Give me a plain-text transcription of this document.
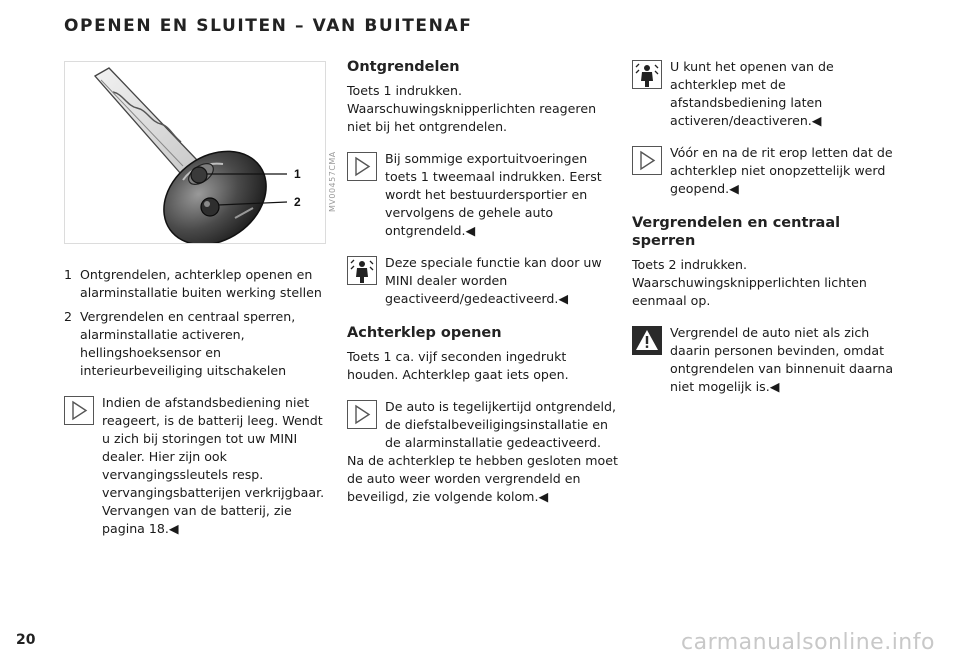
OPENEN EN SLUITEN – VAN BUITENAF
1
2	MV00457CMA
1 Ontgrendelen, achterklep openen en alarminstallatie buiten werking stellen
2 Vergrendelen en centraal sperren, alarminstallatie activeren, hellingshoeksensor en interieurbeveiliging uitschakelen
Indien de afstandsbediening niet reageert, is de batterij leeg. Wendt u zich bij storingen tot uw MINI dealer. Hier zijn ook vervangingssleutels resp. vervangingsbatterijen verkrijgbaar. Vervangen van de batterij, zie pagina 18.◀
Ontgrendelen

Toets 1 indrukken. Waarschuwingsknipperlichten reageren niet bij het ontgrendelen.

Bij sommige exportuitvoeringen toets 1 tweemaal indrukken. Eerst wordt het bestuurdersportier en vervolgens de gehele auto ontgrendeld.◀
Deze speciale functie kan door uw MINI dealer worden geactiveerd/gedeactiveerd.◀
Achterklep openen

Toets 1 ca. vijf seconden ingedrukt houden. Achterklep gaat iets open.

De auto is tegelijkertijd ontgrendeld, de diefstalbeveiligingsinstallatie en de alarminstallatie gedeactiveerd.
Na de achterklep te hebben gesloten moet de auto weer worden vergrendeld en beveiligd, zie volgende kolom.◀
U kunt het openen van de achterklep met de afstandsbediening laten activeren/deactiveren.◀
Vóór en na de rit erop letten dat de achterklep niet onopzettelijk werd geopend.◀
Vergrendelen en centraal sperren

Toets 2 indrukken. Waarschuwingsknipperlichten lichten eenmaal op.

Vergrendel de auto niet als zich daarin personen bevinden, omdat ontgrendelen van binnenuit daarna niet mogelijk is.◀
20	carmanualsonline.info
